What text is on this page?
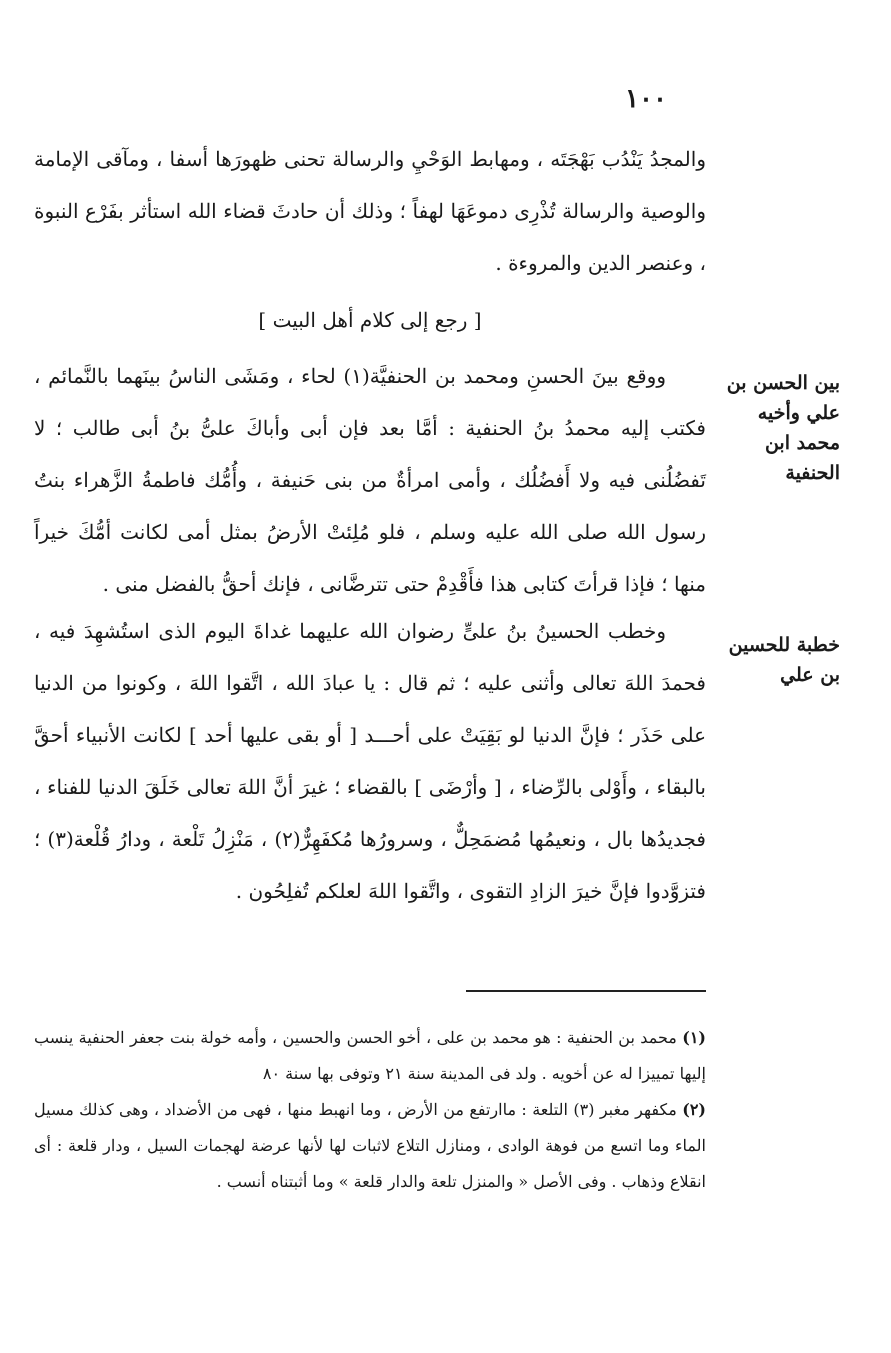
١٠٠

والمجدُ يَنْدُب بَهْجَتَه ، ومهابط الوَحْيِ والرسالة تحنى ظهورَها أسفا ، ومآقى الإمامة والوصية والرسالة تُذْرِى دموعَهَا لهفاً ؛ وذلك أن حادثَ قضاء الله استأثر بفَرْع النبوة ، وعنصر الدين والمروءة .

[ رجع إلى كلام أهل البيت ]
بين الحسن بن علي وأخيه محمد ابن الحنفية

ووقع بينَ الحسنِ ومحمد بن الحنفيَّة(١) لحاء ، ومَشَى الناسُ بينَهما بالنَّمائم ، فكتب إليه محمدُ بنُ الحنفية : أمَّا بعد فإن أبى وأباكَ علىُّ بنُ أبى طالب ؛ لا تَفضُلُنى فيه ولا أَفضُلُك ، وأمى امرأةٌ من بنى حَنيفة ، وأُمُّك فاطمةُ الزَّهراء بنتُ رسول الله صلى الله عليه وسلم ، فلو مُلِئتْ الأرضُ بمثل أمى لكانت أمُّكَ خيراً منها ؛ فإذا قرأتَ كتابى هذا فأَقْدِمْ حتى تترضَّانى ، فإنك أحقُّ بالفضل منى .

خطبة للحسين بن علي

وخطب الحسينُ بنُ علىٍّ رضوان الله عليهما غداةَ اليوم الذى استُشهِدَ فيه ، فحمدَ اللهَ تعالى وأثنى عليه ؛ ثم قال : يا عبادَ الله ، اتَّقوا اللهَ ، وكونوا من الدنيا على حَذَر ؛ فإنَّ الدنيا لو بَقِيَتْ على أحـــد [ أو بقى عليها أحد ] لكانت الأنبياء أحقَّ بالبقاء ، وأَوْلى بالرِّضاء ، [ وأرْضَى ] بالقضاء ؛ غيرَ أنَّ اللهَ تعالى خَلَقَ الدنيا للفناء ، فجديدُها بال ، ونعيمُها مُضمَحِلٌّ ، وسرورُها مُكفَهِرٌّ(٢) ، مَنْزِلُ تَلْعة ، ودارُ قُلْعة(٣) ؛ فتزوَّدوا فإنَّ خيرَ الزادِ التقوى ، واتَّقوا اللهَ لعلكم تُفلِحُون .

(١) محمد بن الحنفية : هو محمد بن على ، أخو الحسن والحسين ، وأمه خولة بنت جعفر الحنفية ينسب إليها تمييزا له عن أخويه . ولد فى المدينة سنة ٢١ وتوفى بها سنة ٨٠

(٢) مكفهر مغبر (٣) التلعة : ماارتفع من الأرض ، وما انهبط منها ، فهى من الأضداد ، وهى كذلك مسيل الماء وما اتسع من فوهة الوادى ، ومنازل التلاع لاثبات لها لأنها عرضة لهجمات السيل ، ودار قلعة : أى انقلاع وذهاب . وفى الأصل « والمنزل تلعة والدار قلعة » وما أثبتناه أنسب .
